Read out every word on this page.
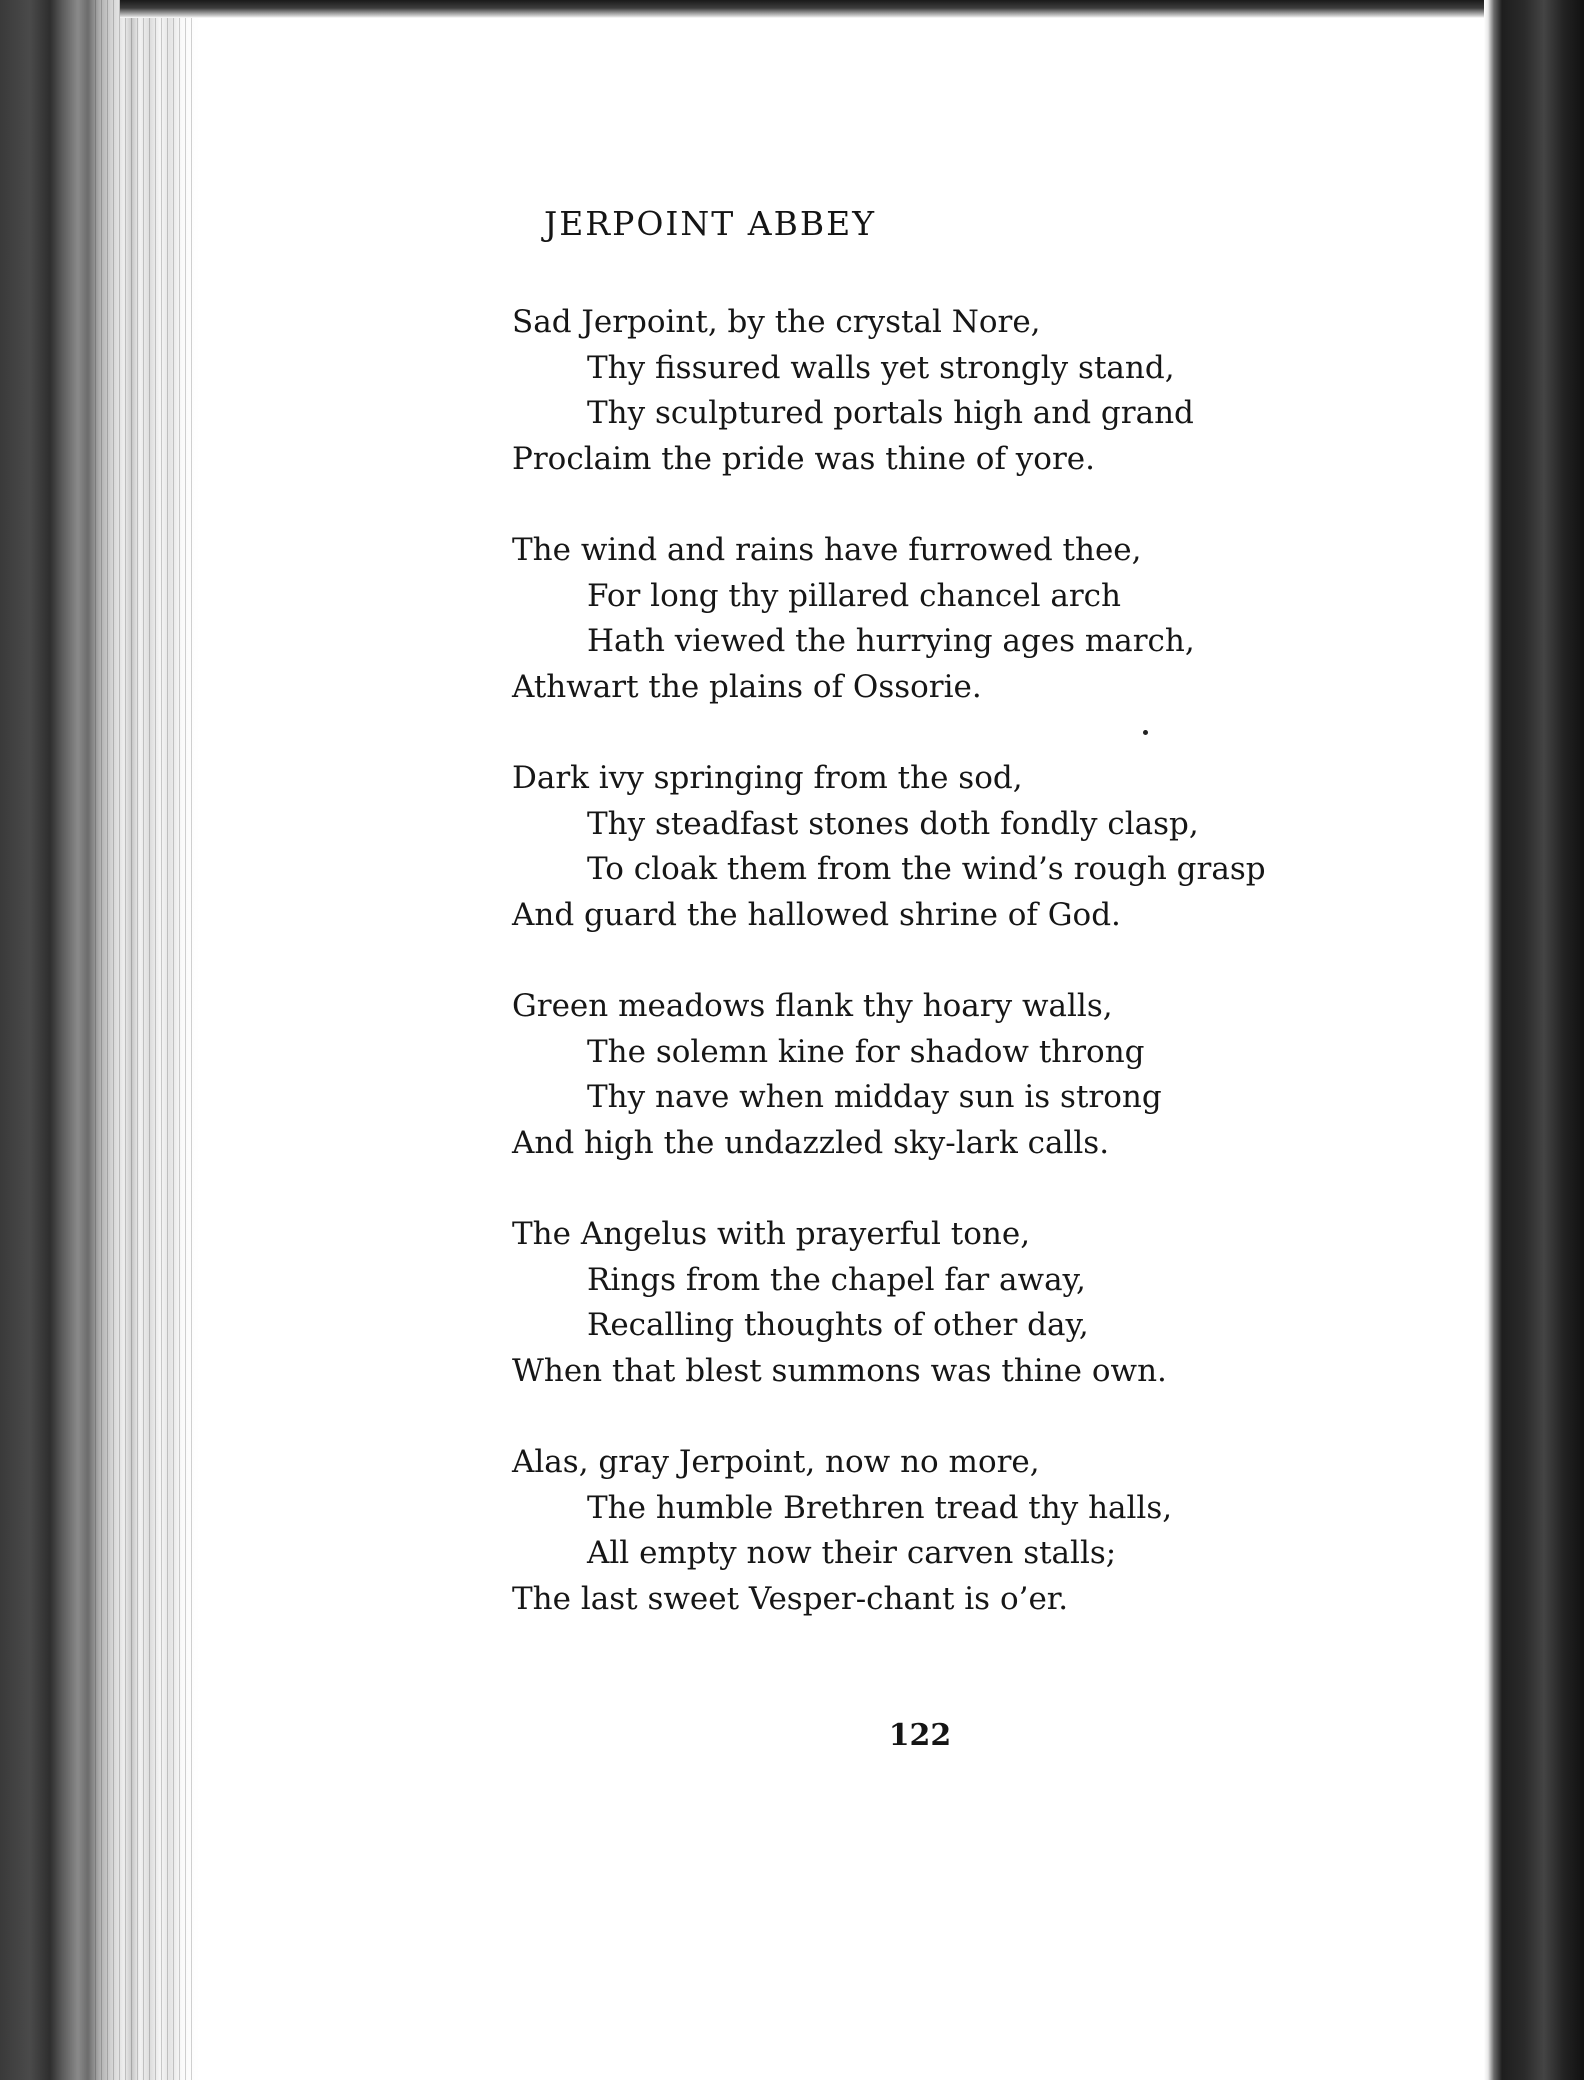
JERPOINT ABBEY
Sad Jerpoint, by the crystal Nore,
Thy fissured walls yet strongly stand,
Thy sculptured portals high and grand
Proclaim the pride was thine of yore.
The wind and rains have furrowed thee,
For long thy pillared chancel arch
Hath viewed the hurrying ages march,
Athwart the plains of Ossorie.
Dark ivy springing from the sod,
Thy steadfast stones doth fondly clasp,
To cloak them from the wind’s rough grasp
And guard the hallowed shrine of God.
Green meadows flank thy hoary walls,
The solemn kine for shadow throng
Thy nave when midday sun is strong
And high the undazzled sky-lark calls.
The Angelus with prayerful tone,
Rings from the chapel far away,
Recalling thoughts of other day,
When that blest summons was thine own.
Alas, gray Jerpoint, now no more,
The humble Brethren tread thy halls,
All empty now their carven stalls;
The last sweet Vesper-chant is o’er.
122
